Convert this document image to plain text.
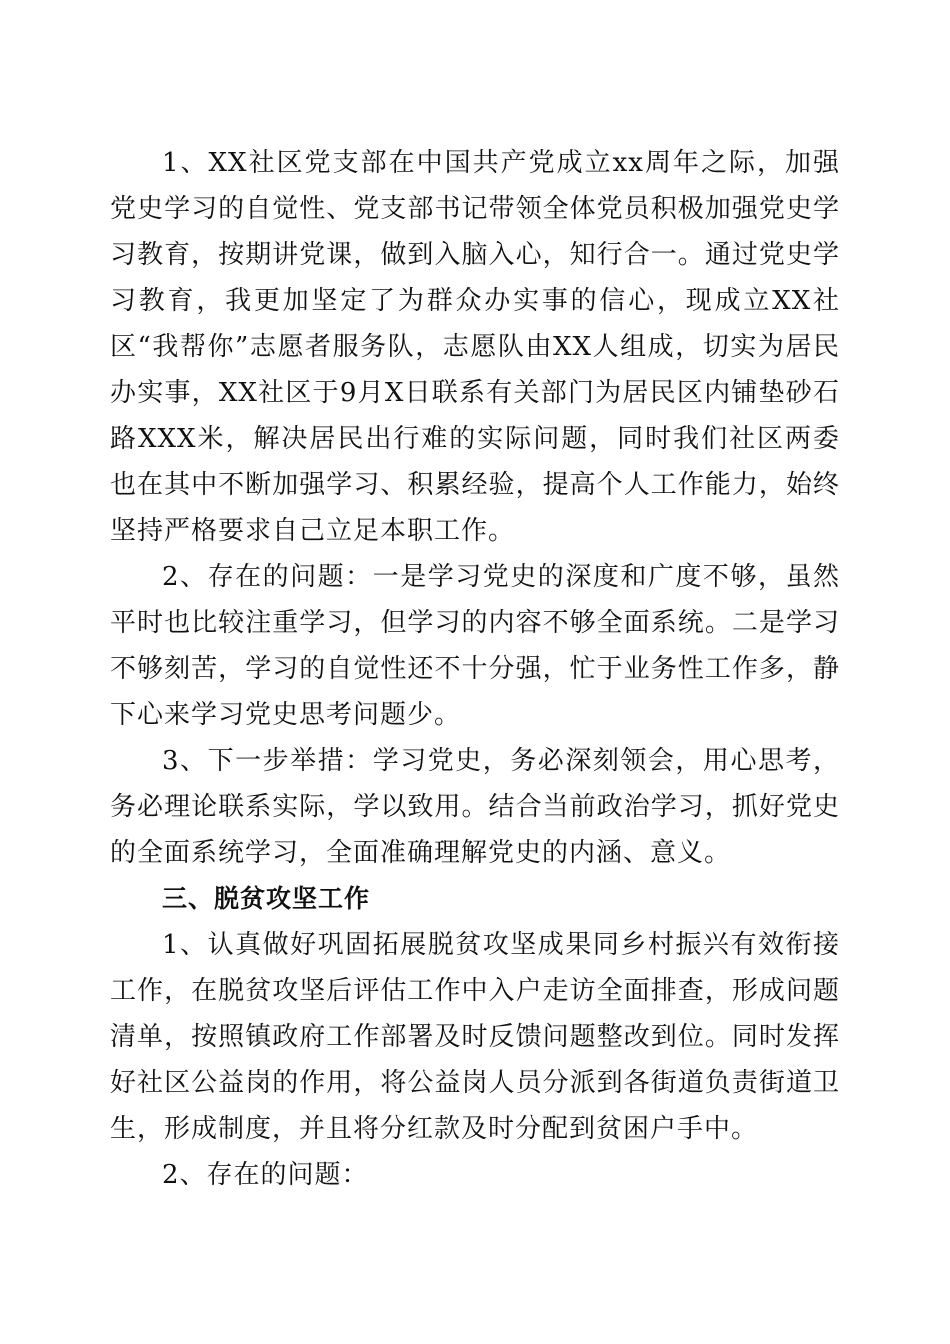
1、XX社区党支部在中国共产党成立xx周年之际，加强党史学习的自觉性、党支部书记带领全体党员积极加强党史学习教育，按期讲党课，做到入脑入心，知行合一。通过党史学习教育，我更加坚定了为群众办实事的信心，现成立XX社区“我帮你”志愿者服务队，志愿队由XX人组成，切实为居民办实事，XX社区于9月X日联系有关部门为居民区内铺垫砂石路XXX米，解决居民出行难的实际问题，同时我们社区两委也在其中不断加强学习、积累经验，提高个人工作能力，始终坚持严格要求自己立足本职工作。

2、存在的问题：一是学习党史的深度和广度不够，虽然平时也比较注重学习，但学习的内容不够全面系统。二是学习不够刻苦，学习的自觉性还不十分强，忙于业务性工作多，静下心来学习党史思考问题少。

3、下一步举措：学习党史，务必深刻领会，用心思考，务必理论联系实际，学以致用。结合当前政治学习，抓好党史的全面系统学习，全面准确理解党史的内涵、意义。

三、脱贫攻坚工作

1、认真做好巩固拓展脱贫攻坚成果同乡村振兴有效衔接工作，在脱贫攻坚后评估工作中入户走访全面排查，形成问题清单，按照镇政府工作部署及时反馈问题整改到位。同时发挥好社区公益岗的作用，将公益岗人员分派到各街道负责街道卫生，形成制度，并且将分红款及时分配到贫困户手中。

2、存在的问题：
